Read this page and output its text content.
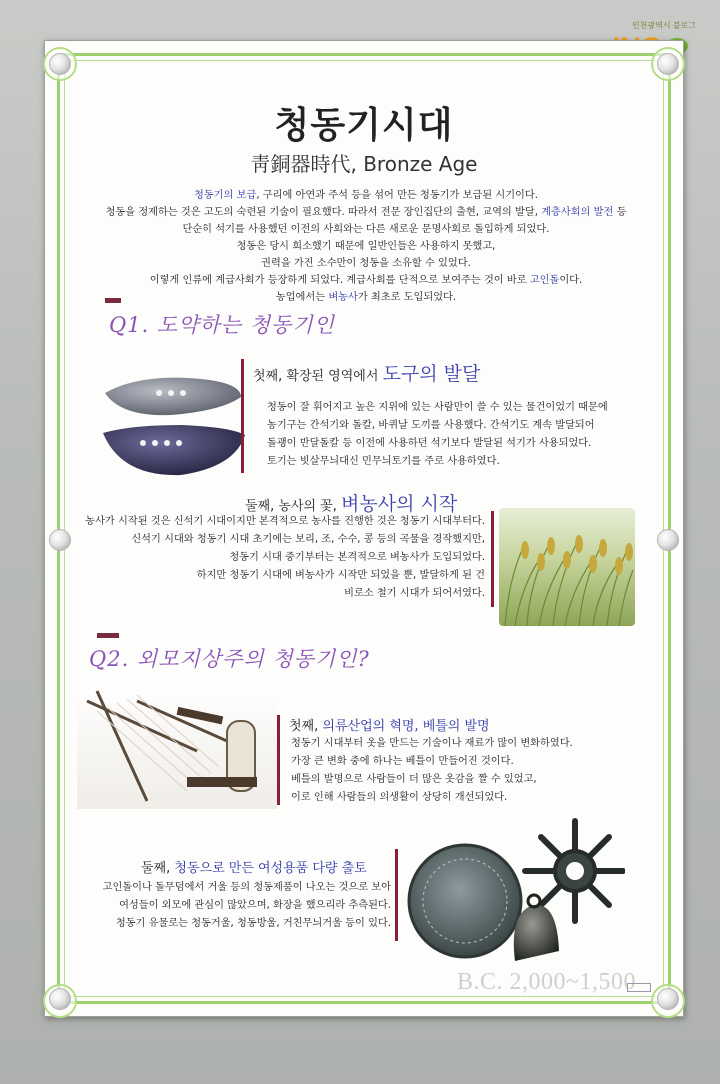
인천광역시 블로그
청동기시대
靑銅器時代, Bronze Age
청동기의 보급, 구리에 아연과 주석 등을 섞어 만든 청동기가 보급된 시기이다.
청동을 정제하는 것은 고도의 숙련된 기술이 필요했다. 따라서 전문 장인집단의 출현, 교역의 발달, 계층사회의 발전 등
단순히 석기를 사용했던 이전의 사회와는 다른 새로운 문명사회로 돌입하게 되었다.
청동은 당시 희소했기 때문에 일반인들은 사용하지 못했고,
권력을 가진 소수만이 청동을 소유할 수 있었다.
이렇게 인류에 계급사회가 등장하게 되었다. 계급사회를 단적으로 보여주는 것이 바로 고인돌이다.
농업에서는 벼농사가 최초로 도입되었다.
Q1. 도약하는 청동기인
첫째, 확장된 영역에서 도구의 발달
청동이 잘 휘어지고 높은 지위에 있는 사람만이 쓸 수 있는 물건이었기 때문에
농기구는 간석기와 돌칼, 바퀴날 도끼를 사용했다. 간석기도 계속 발달되어
돌괭이 반달돌칼 등 이전에 사용하던 석기보다 발달된 석기가 사용되었다.
토기는 빗살무늬대신 민무늬토기를 주로 사용하였다.
둘째, 농사의 꽃, 벼농사의 시작
농사가 시작된 것은 신석기 시대이지만 본격적으로 농사를 진행한 것은 청동기 시대부터다.
신석기 시대와 청동기 시대 초기에는 보리, 조, 수수, 콩 등의 곡물을 경작했지만,
청동기 시대 중기부터는 본격적으로 벼농사가 도입되었다.
하지만 청동기 시대에 벼농사가 시작만 되었을 뿐, 발달하게 된 건
비로소 철기 시대가 되어서였다.
Q2. 외모지상주의 청동기인?
첫째, 의류산업의 혁명, 베틀의 발명
청동기 시대부터 옷을 만드는 기술이나 재료가 많이 변화하였다.
가장 큰 변화 중에 하나는 베틀이 만들어진 것이다.
베틀의 발명으로 사람들이 더 많은 옷감을 짤 수 있었고,
이로 인해 사람들의 의생활이 상당히 개선되었다.
둘째, 청동으로 만든 여성용품 다량 출토
고인돌이나 돌무덤에서 거울 등의 청동제품이 나오는 것으로 보아
여성들이 외모에 관심이 많았으며, 화장을 했으리라 추측된다.
청동기 유물로는 청동거울, 청동방울, 거친무늬거울 등이 있다.
B.C. 2,000~1,500
